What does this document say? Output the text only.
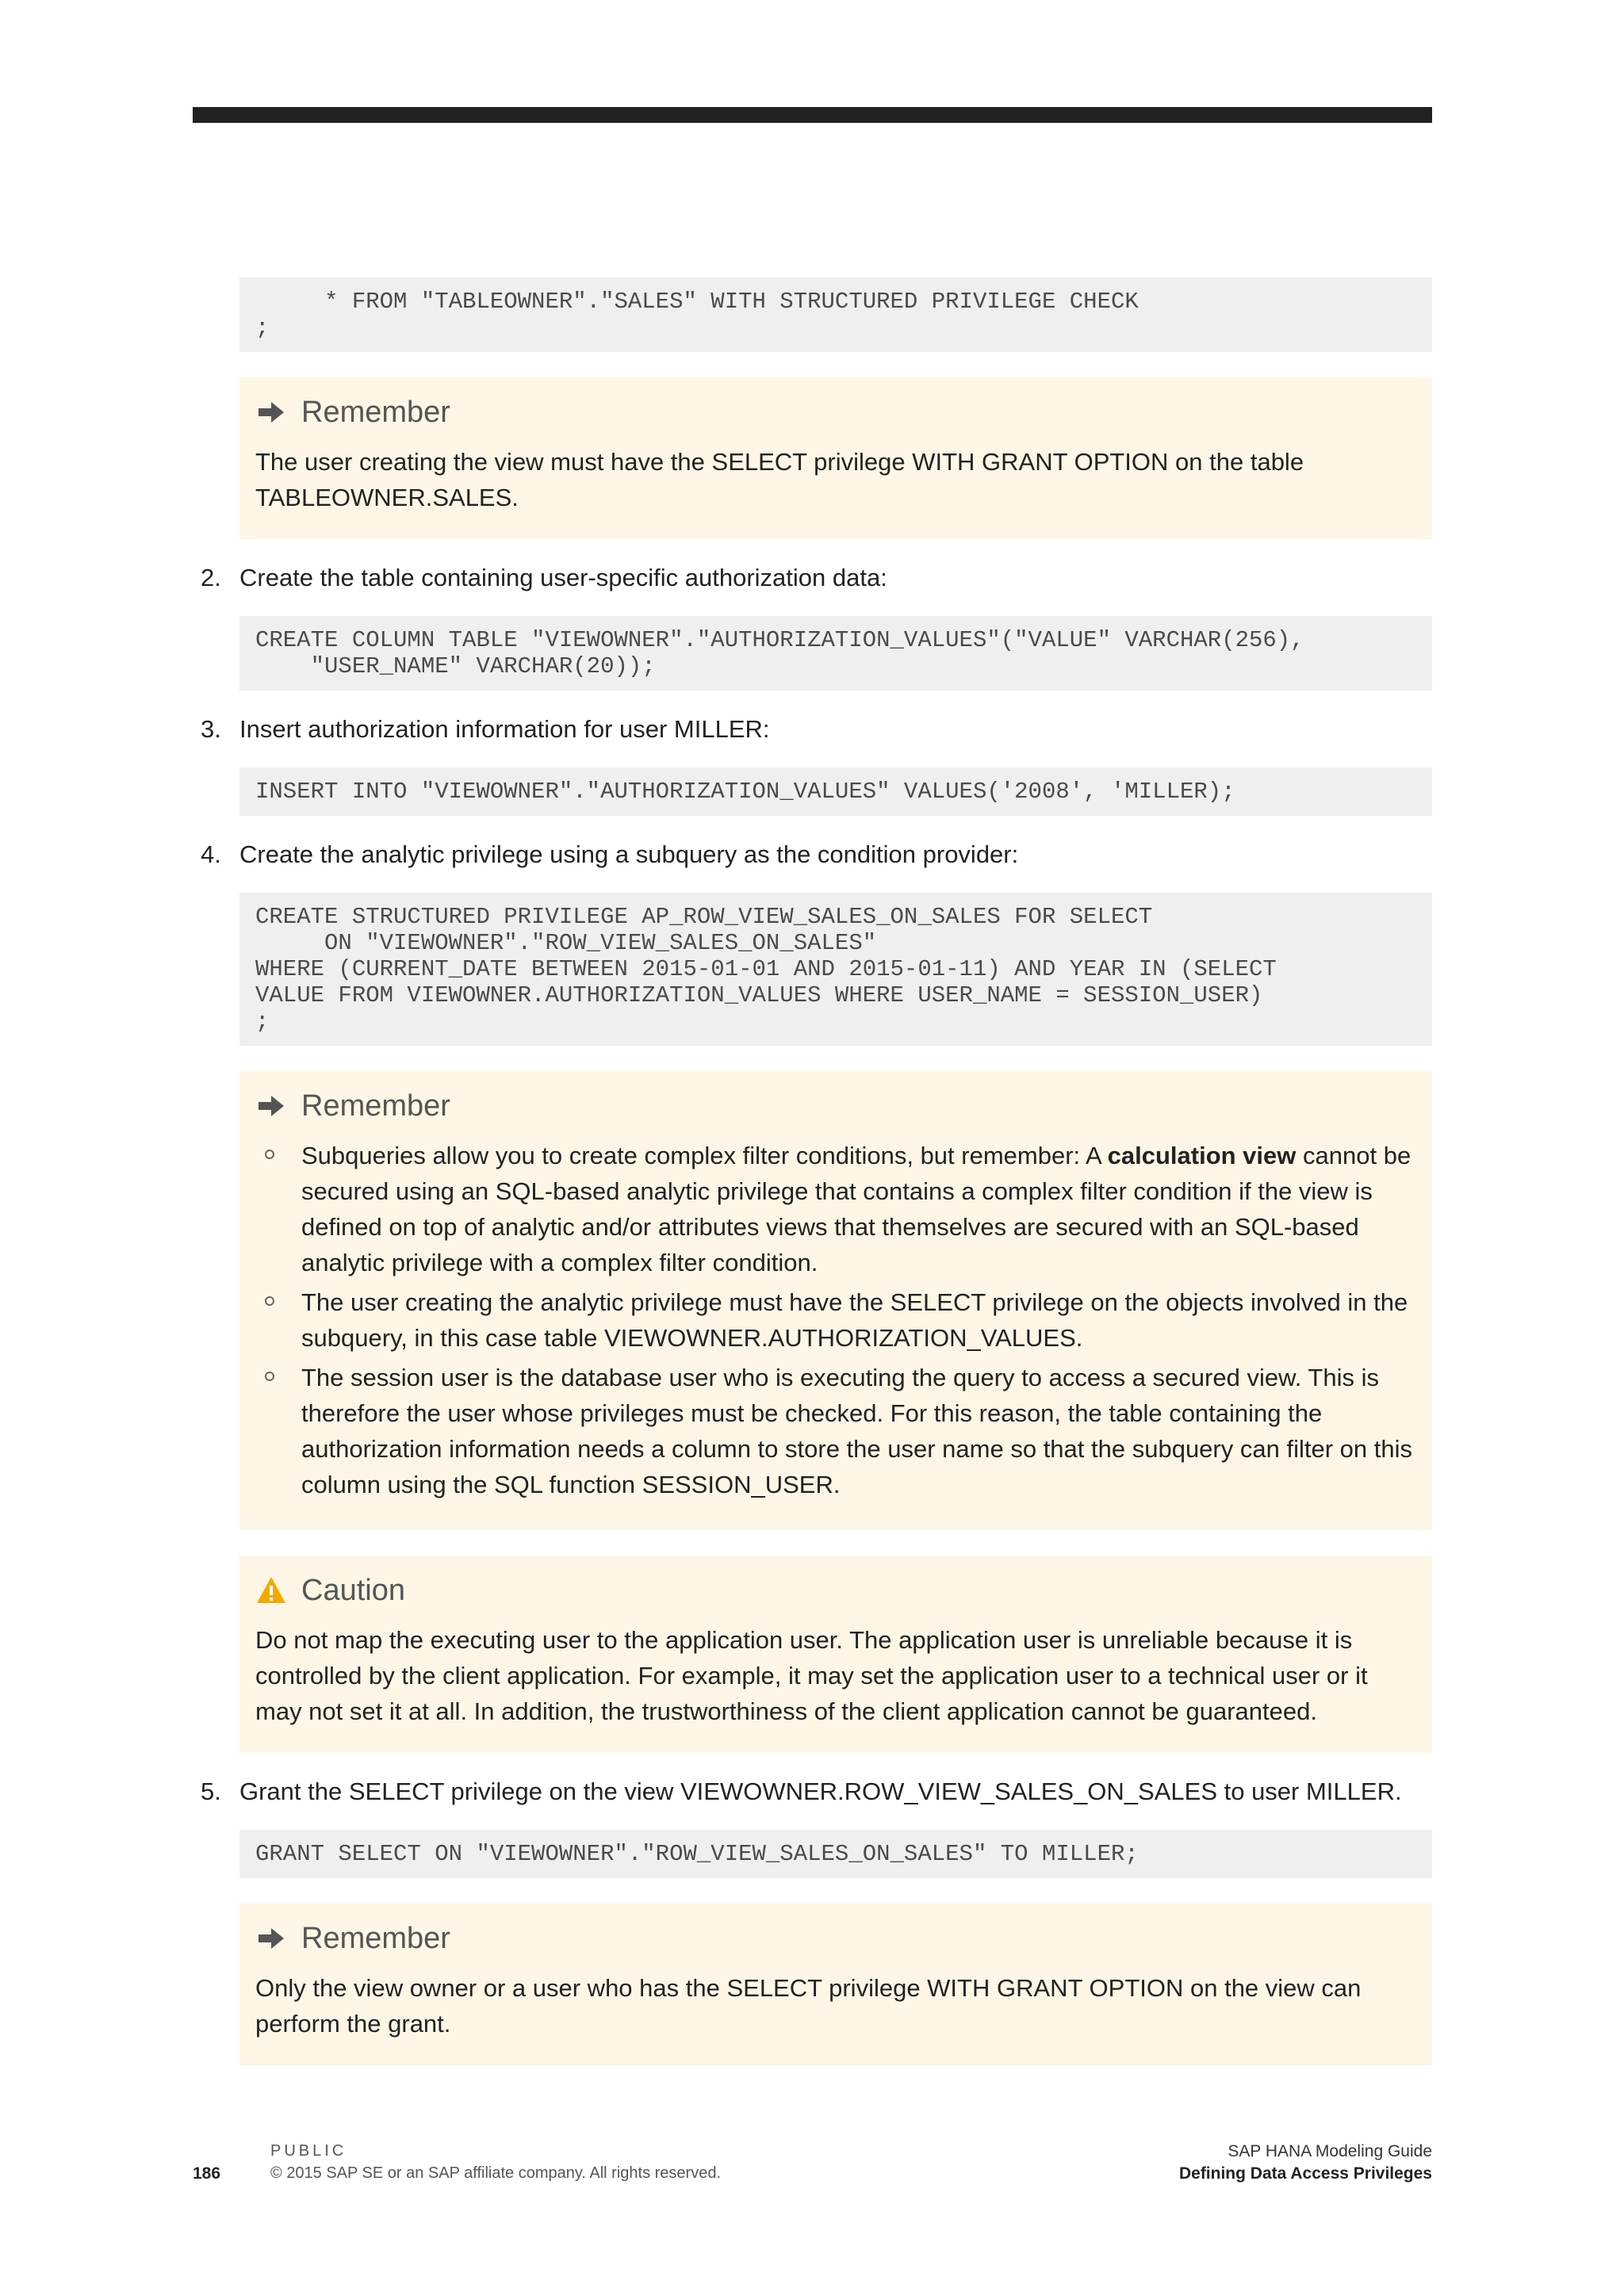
* FROM "TABLEOWNER"."SALES" WITH STRUCTURED PRIVILEGE CHECK
;
Remember
The user creating the view must have the SELECT privilege WITH GRANT OPTION on the table TABLEOWNER.SALES.
2. Create the table containing user-specific authorization data:
CREATE COLUMN TABLE "VIEWOWNER"."AUTHORIZATION_VALUES"("VALUE" VARCHAR(256),
"USER_NAME" VARCHAR(20));
3. Insert authorization information for user MILLER:
INSERT INTO "VIEWOWNER"."AUTHORIZATION_VALUES" VALUES('2008', 'MILLER);
4. Create the analytic privilege using a subquery as the condition provider:
CREATE STRUCTURED PRIVILEGE AP_ROW_VIEW_SALES_ON_SALES FOR SELECT
ON "VIEWOWNER"."ROW_VIEW_SALES_ON_SALES"
WHERE (CURRENT_DATE BETWEEN 2015-01-01 AND 2015-01-11) AND YEAR IN (SELECT
VALUE FROM VIEWOWNER.AUTHORIZATION_VALUES WHERE USER_NAME = SESSION_USER)
;
Remember
Subqueries allow you to create complex filter conditions, but remember: A calculation view cannot be secured using an SQL-based analytic privilege that contains a complex filter condition if the view is defined on top of analytic and/or attributes views that themselves are secured with an SQL-based analytic privilege with a complex filter condition.
The user creating the analytic privilege must have the SELECT privilege on the objects involved in the subquery, in this case table VIEWOWNER.AUTHORIZATION_VALUES.
The session user is the database user who is executing the query to access a secured view. This is therefore the user whose privileges must be checked. For this reason, the table containing the authorization information needs a column to store the user name so that the subquery can filter on this column using the SQL function SESSION_USER.
Caution
Do not map the executing user to the application user. The application user is unreliable because it is controlled by the client application. For example, it may set the application user to a technical user or it may not set it at all. In addition, the trustworthiness of the client application cannot be guaranteed.
5. Grant the SELECT privilege on the view VIEWOWNER.ROW_VIEW_SALES_ON_SALES to user MILLER.
GRANT SELECT ON "VIEWOWNER"."ROW_VIEW_SALES_ON_SALES" TO MILLER;
Remember
Only the view owner or a user who has the SELECT privilege WITH GRANT OPTION on the view can perform the grant.
186
PUBLIC
© 2015 SAP SE or an SAP affiliate company. All rights reserved.
SAP HANA Modeling Guide
Defining Data Access Privileges
